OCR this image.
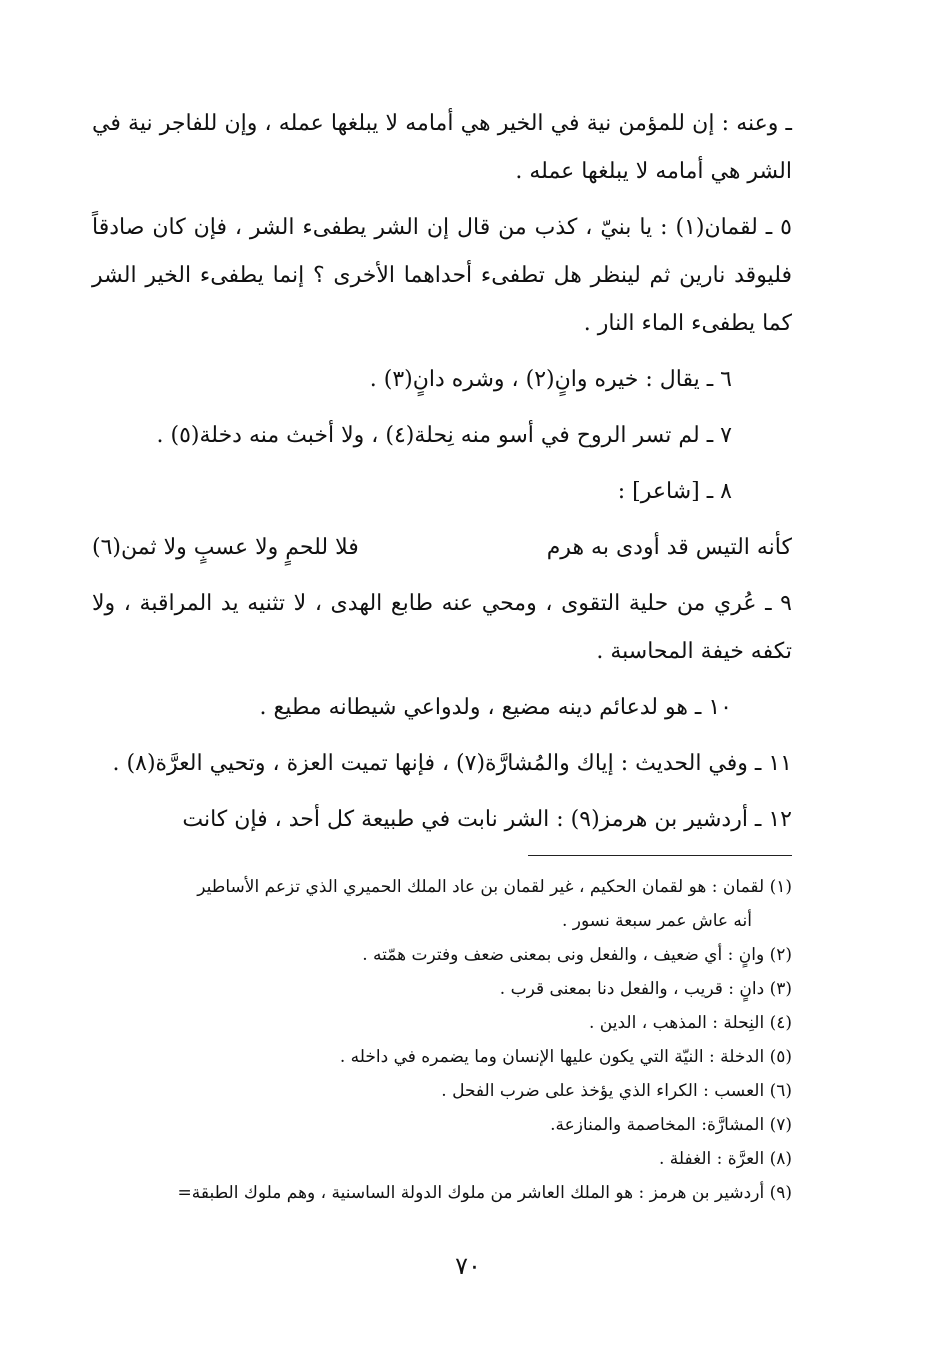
ـ وعنه : إن للمؤمن نية في الخير هي أمامه لا يبلغها عمله ، وإن للفاجر نية في الشر هي أمامه لا يبلغها عمله .

٥ ـ لقمان(١) : يا بنيّ ، كذب من قال إن الشر يطفىء الشر ، فإن كان صادقاً فليوقد نارين ثم لينظر هل تطفىء أحداهما الأخرى ؟ إنما يطفىء الخير الشر كما يطفىء الماء النار .

٦ ـ يقال : خيره وانٍ(٢) ، وشره دانٍ(٣) .

٧ ـ لم تسر الروح في أسو منه نِحلة(٤) ، ولا أخبث منه دخلة(٥) .

٨ ـ [شاعر] :

كأنه التيس قد أودى به هرم
فلا للحمٍ ولا عسبٍ ولا ثمن(٦)

٩ ـ عُري من حلية التقوى ، ومحي عنه طابع الهدى ، لا تثنيه يد المراقبة ، ولا تكفه خيفة المحاسبة .

١٠ ـ هو لدعائم دينه مضيع ، ولدواعي شيطانه مطيع .

١١ ـ وفي الحديث : إياك والمُشارَّة(٧) ، فإنها تميت العزة ، وتحيي العرَّة(٨) .

١٢ ـ أردشير بن هرمز(٩) : الشر نابت في طبيعة كل أحد ، فإن كانت

(١) لقمان : هو لقمان الحكيم ، غير لقمان بن عاد الملك الحميري الذي تزعم الأساطير
أنه عاش عمر سبعة نسور .

(٢) وانٍ : أي ضعيف ، والفعل ونى بمعنى ضعف وفترت همّته .

(٣) دانٍ : قريب ، والفعل دنا بمعنى قرب .

(٤) النِحلة : المذهب ، الدين .

(٥) الدخلة : النيّة التي يكون عليها الإنسان وما يضمره في داخله .

(٦) العسب : الكراء الذي يؤخذ على ضرب الفحل .

(٧) المشارَّة: المخاصمة والمنازعة.

(٨) العرَّة : الغفلة .

(٩) أردشير بن هرمز : هو الملك العاشر من ملوك الدولة الساسنية ، وهم ملوك الطبقة=

٧٠
